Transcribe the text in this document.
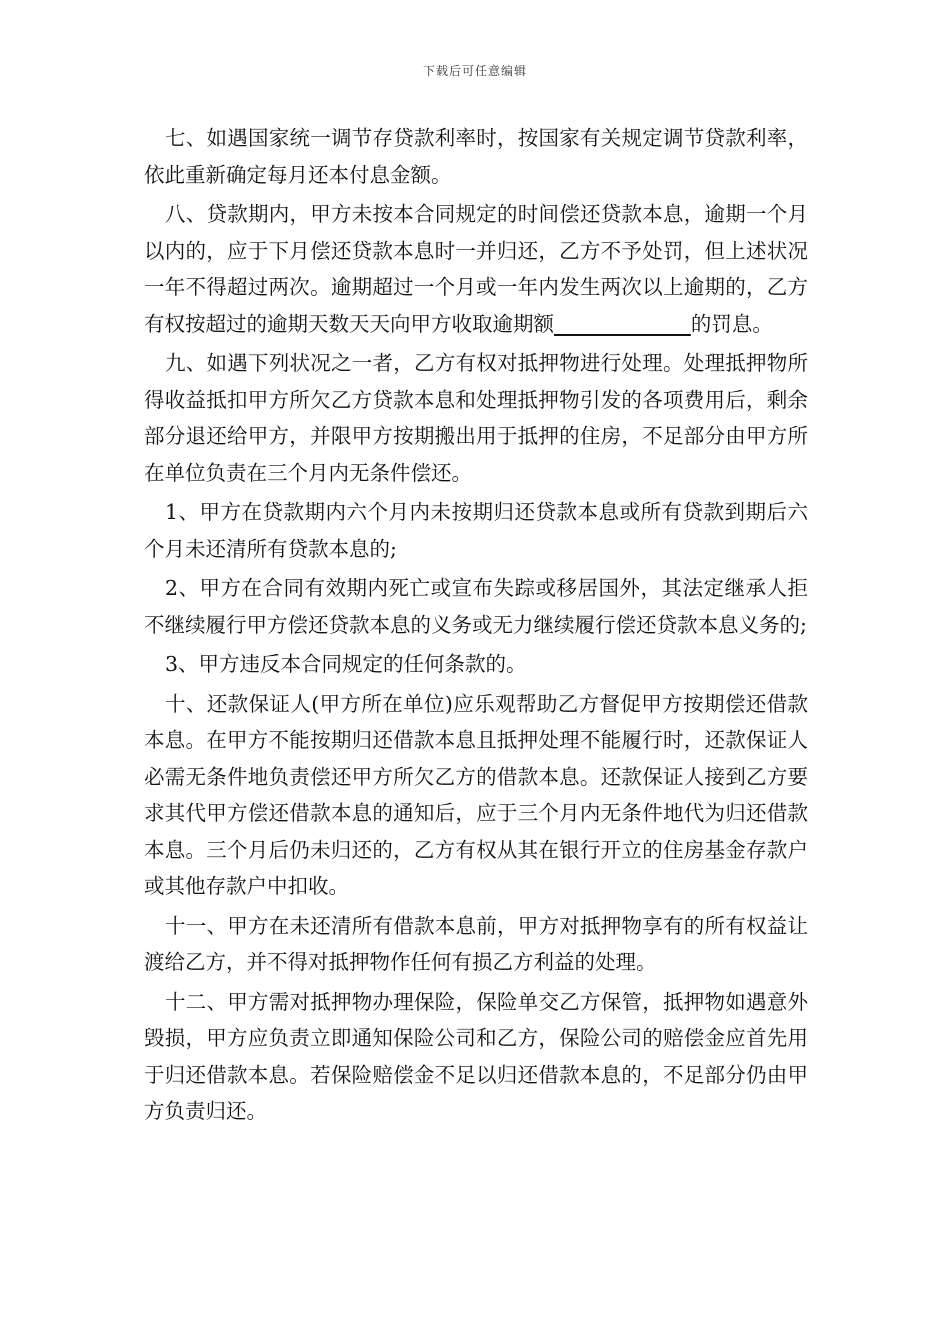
下载后可任意编辑

七、如遇国家统一调节存贷款利率时，按国家有关规定调节贷款利率，依此重新确定每月还本付息金额。

八、贷款期内，甲方未按本合同规定的时间偿还贷款本息，逾期一个月以内的，应于下月偿还贷款本息时一并归还，乙方不予处罚，但上述状况一年不得超过两次。逾期超过一个月或一年内发生两次以上逾期的，乙方有权按超过的逾期天数天天向甲方收取逾期额	的罚息。

九、如遇下列状况之一者，乙方有权对抵押物进行处理。处理抵押物所得收益抵扣甲方所欠乙方贷款本息和处理抵押物引发的各项费用后，剩余部分退还给甲方，并限甲方按期搬出用于抵押的住房，不足部分由甲方所在单位负责在三个月内无条件偿还。

1、甲方在贷款期内六个月内未按期归还贷款本息或所有贷款到期后六个月未还清所有贷款本息的;

2、甲方在合同有效期内死亡或宣布失踪或移居国外，其法定继承人拒不继续履行甲方偿还贷款本息的义务或无力继续履行偿还贷款本息义务的;

3、甲方违反本合同规定的任何条款的。

十、还款保证人(甲方所在单位)应乐观帮助乙方督促甲方按期偿还借款本息。在甲方不能按期归还借款本息且抵押处理不能履行时，还款保证人必需无条件地负责偿还甲方所欠乙方的借款本息。还款保证人接到乙方要求其代甲方偿还借款本息的通知后，应于三个月内无条件地代为归还借款本息。三个月后仍未归还的，乙方有权从其在银行开立的住房基金存款户或其他存款户中扣收。

十一、甲方在未还清所有借款本息前，甲方对抵押物享有的所有权益让渡给乙方，并不得对抵押物作任何有损乙方利益的处理。

十二、甲方需对抵押物办理保险，保险单交乙方保管，抵押物如遇意外毁损，甲方应负责立即通知保险公司和乙方，保险公司的赔偿金应首先用于归还借款本息。若保险赔偿金不足以归还借款本息的，不足部分仍由甲方负责归还。
